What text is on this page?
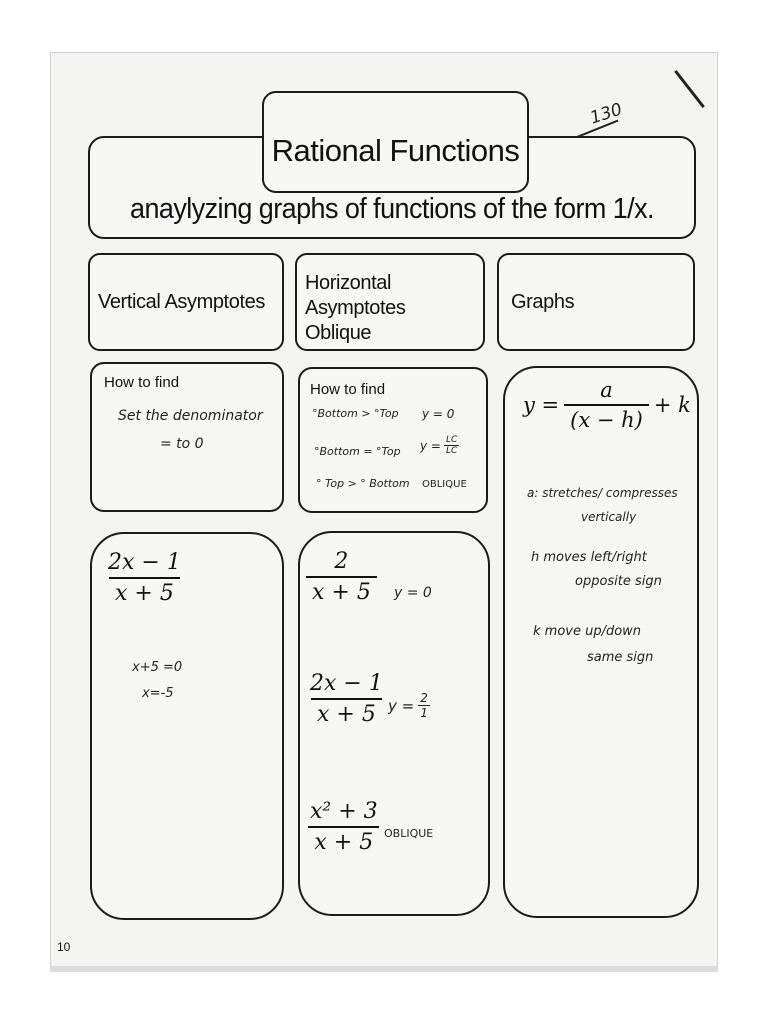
130
anaylyzing graphs of functions of the form 1/x.
Rational Functions
Vertical Asymptotes
Horizontal Asymptotes
Oblique
Graphs
How to find
Set the denominator
= to 0
$\frac{2x - 1}{x + 5}$
x+5 =0
x=-5
How to find
°Bottom > °Top y = 0
°Bottom = °Top $y = \frac{LC}{LC}$
° Top > ° Bottom OBLIQUE
$\frac{2}{x + 5}$ y = 0
$\frac{2x - 1}{x + 5}$ $y = \frac{2}{1}$
$\frac{\text{x² + 3}}{x + 5}$ OBLIQUE
$y = \frac{a}{(x - h)} + k$
a: stretches/ compresses
vertically
h moves left/right
opposite sign
k move up/down
same sign
10
